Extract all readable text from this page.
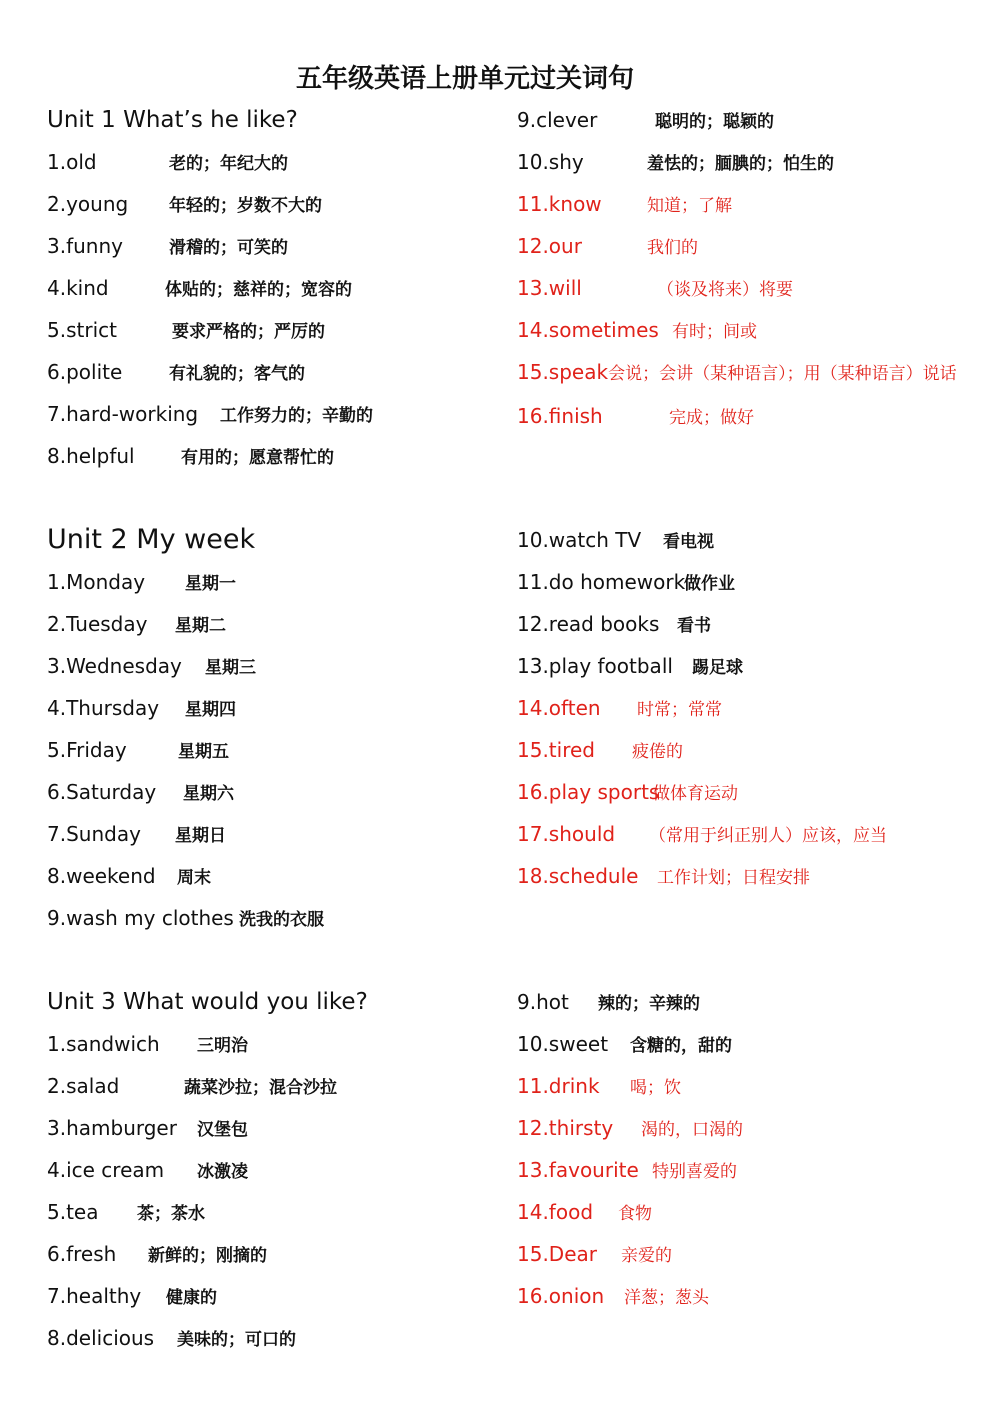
五年级英语上册单元过关词句
Unit 1 What’s he like?
1.old	老的；年纪大的
2.young 年轻的；岁数不大的
3.funny	滑稽的；可笑的
4.kind	体贴的；慈祥的；宽容的
5.strict	要求严格的；严厉的
6.polite	有礼貌的；客气的
7.hard-working 工作努力的；辛勤的
8.helpful	有用的；愿意帮忙的
9.clever	聪明的；聪颖的
10.shy	羞怯的；腼腆的；怕生的
11.know	知道；了解
12.our	我们的
13.will	（谈及将来）将要
14.sometimes 有时；间或
15.speak会说；会讲（某种语言）；用（某种语言）说话
16.finish	完成；做好
Unit 2 My week
1.Monday 星期一
2.Tuesday 星期二
3.Wednesday 星期三
4.Thursday 星期四
5.Friday	星期五
6.Saturday 星期六
7.Sunday 星期日
8.weekend 周末
9.wash my clothes 洗我的衣服
10.watch TV 看电视
11.do homework做作业
12.read books 看书
13.play football 踢足球
14.often 时常；常常
15.tired 疲倦的
16.play sports做体育运动
17.should （常用于纠正别人）应该，应当
18.schedule 工作计划；日程安排
Unit 3 What would you like?
1.sandwich 三明治
2.salad	蔬菜沙拉；混合沙拉
3.hamburger 汉堡包
4.ice cream 冰激凌
5.tea 茶；茶水
6.fresh 新鲜的；刚摘的
7.healthy 健康的
8.delicious 美味的；可口的
9.hot 辣的；辛辣的
10.sweet 含糖的，甜的
11.drink 喝；饮
12.thirsty 渴的，口渴的
13.favourite 特别喜爱的
14.food 食物
15.Dear 亲爱的
16.onion 洋葱；葱头
